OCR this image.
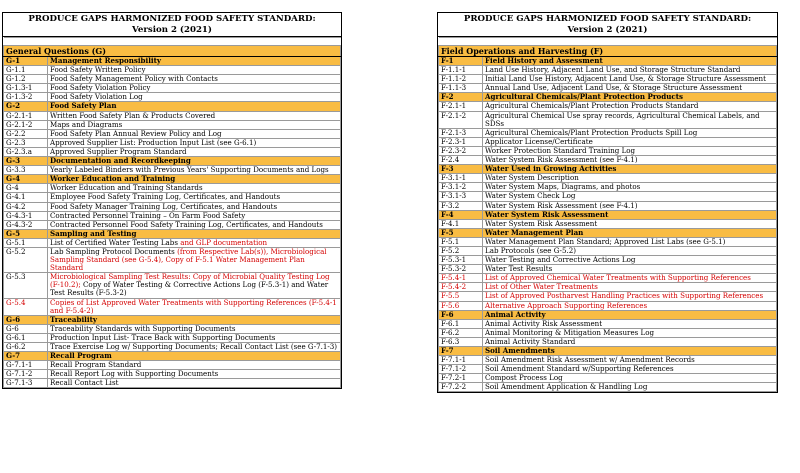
PRODUCE GAPS HARMONIZED FOOD SAFETY STANDARD:
Version 2 (2021)

General Questions (G)	
G-1	Management Responsibility
G-1.1	Food Safety Written Policy
G-1.2	Food Safety Management Policy with Contacts
G-1.3-1	Food Safety Violation Policy
G-1.3-2	Food Safety Violation Log
G-2	Food Safety Plan
G-2.1-1	Written Food Safety Plan & Products Covered
G-2.1-2	Maps and Diagrams
G-2.2	Food Safety Plan Annual Review Policy and Log
G-2.3	Approved Supplier List: Production Input List (see G-6.1)
G-2.3.a	Approved Supplier Program Standard
G-3	Documentation and Recordkeeping
G-3.3	Yearly Labeled Binders with Previous Years' Supporting Documents and Logs
G-4	Worker Education and Training
G-4	Worker Education and Training Standards
G-4.1	Employee Food Safety Training Log, Certificates, and Handouts
G-4.2	Food Safety Manager Training Log, Certificates, and Handouts
G-4.3-1	Contracted Personnel Training – On Farm Food Safety
G-4.3-2	Contracted Personnel Food Safety Training Log, Certificates, and Handouts
G-5	Sampling and Testing
G-5.1	List of Certified Water Testing Labs and GLP documentation
G-5.2	Lab Sampling Protocol Documents (from Respective Lab(s)), Microbiological Sampling Standard (see G-5.4), Copy of F-5.1 Water Management Plan Standard
G-5.3	Microbiological Sampling Test Results: Copy of Microbial Quality Testing Log (F-10.2); Copy of Water Testing & Corrective Actions Log (F-5.3-1) and Water Test Results (F-5.3-2)
G-5.4	Copies of List Approved Water Treatments with Supporting References (F-5.4-1 and F-5.4-2)
G-6	Traceability
G-6	Traceability Standards with Supporting Documents
G-6.1	Production Input List- Trace Back with Supporting Documents
G-6.2	Trace Exercise Log w/ Supporting Documents; Recall Contact List (see G-7.1-3)
G-7	Recall Program
G-7.1-1	Recall Program Standard
G-7.1-2	Recall Report Log with Supporting Documents
G-7.1-3	Recall Contact List
PRODUCE GAPS HARMONIZED FOOD SAFETY STANDARD:
Version 2 (2021)

Field Operations and Harvesting (F)	
F-1	Field History and Assessment
F-1.1-1	Land Use History, Adjacent Land Use, and Storage Structure Standard
F-1.1-2	Initial Land Use History, Adjacent Land Use, & Storage Structure Assessment
F-1.1-3	Annual Land Use, Adjacent Land Use, & Storage Structure Assessment
F-2	Agricultural Chemicals/Plant Protection Products
F-2.1-1	Agricultural Chemicals/Plant Protection Products Standard
F-2.1-2	Agricultural Chemical Use spray records, Agricultural Chemical Labels, and SDSs
F-2.1-3	Agricultural Chemicals/Plant Protection Products Spill Log
F-2.3-1	Applicator License/Certificate
F-2.3-2	Worker Protection Standard Training Log
F-2.4	Water System Risk Assessment (see F-4.1)
F-3	Water Used in Growing Activities
F-3.1-1	Water System Description
F-3.1-2	Water System Maps, Diagrams, and photos
F-3.1-3	Water System Check Log
F-3.2	Water System Risk Assessment (see F-4.1)
F-4	Water System Risk Assessment
F-4.1	Water System Risk Assessment
F-5	Water Management Plan
F-5.1	Water Management Plan Standard; Approved List Labs (see G-5.1)
F-5.2	Lab Protocols (see G-5.2)
F-5.3-1	Water Testing and Corrective Actions Log
F-5.3-2	Water Test Results
F-5.4-1	List of Approved Chemical Water Treatments with Supporting References
F-5.4-2	List of Other Water Treatments
F-5.5	List of Approved Postharvest Handling Practices with Supporting References
F-5.6	Alternative Approach Supporting References
F-6	Animal Activity
F-6.1	Animal Activity Risk Assessment
F-6.2	Animal Monitoring & Mitigation Measures Log
F-6.3	Animal Activity Standard
F-7	Soil Amendments
F-7.1-1	Soil Amendment Risk Assessment w/ Amendment Records
F-7.1-2	Soil Amendment Standard w/Supporting References
F-7.2-1	Compost Process Log
F-7.2-2	Soil Amendment Application & Handling Log
